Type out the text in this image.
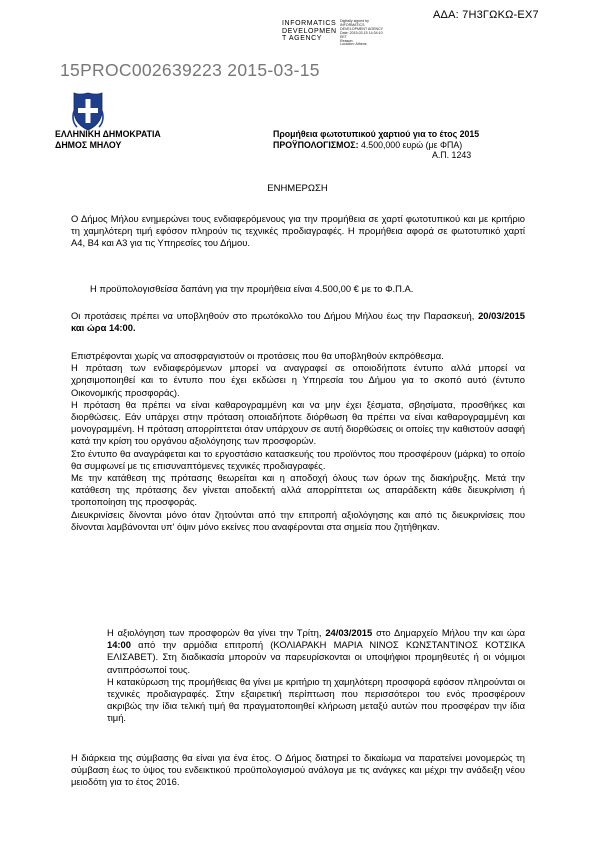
ΑΔΑ: 7Η3ΓΩΚΩ-ΕΧ7
INFORMATICS
DEVELOPMEN
T AGENCY
Digitally signed by
INFORMATICS
DEVELOPMENT AGENCY
Date: 2015.03.15 14:34:10
EET
Reason:
Location: Athens
15PROC002639223 2015-03-15
ΕΛΛΗΝΙΚΗ ΔΗΜΟΚΡΑΤΙΑ
ΔΗΜΟΣ ΜΗΛΟΥ
Προμήθεια φωτοτυπικού χαρτιού για το έτος 2015
ΠΡΟΫΠΟΛΟΓΙΣΜΟΣ: 4.500,000 ευρώ (με ΦΠΑ)
Α.Π. 1243
ΕΝΗΜΕΡΩΣΗ
Ο Δήμος Μήλου ενημερώνει τους ενδιαφερόμενους για την προμήθεια σε χαρτί φωτοτυπικού και με κριτήριο τη χαμηλότερη τιμή εφόσον πληρούν τις τεχνικές προδιαγραφές. Η προμήθεια αφορά σε φωτοτυπικό χαρτί Α4, Β4 και Α3 για τις Υπηρεσίες του Δήμου.
Η προϋπολογισθείσα δαπάνη για την προμήθεια είναι 4.500,00 € με το Φ.Π.Α.
Οι προτάσεις πρέπει να υποβληθούν στο πρωτόκολλο του Δήμου Μήλου έως την Παρασκευή, 20/03/2015 και ώρα 14:00.
Επιστρέφονται χωρίς να αποσφραγιστούν οι προτάσεις που θα υποβληθούν εκπρόθεσμα.
Η πρόταση των ενδιαφερόμενων μπορεί να αναγραφεί σε οποιοδήποτε έντυπο αλλά μπορεί να χρησιμοποιηθεί και το έντυπο που έχει εκδώσει η Υπηρεσία του Δήμου για το σκοπό αυτό (έντυπο Οικονομικής προσφοράς).
Η πρόταση θα πρέπει να είναι καθαρογραμμένη και να μην έχει ξέσματα, σβησίματα, προσθήκες και διορθώσεις. Εάν υπάρχει στην πρόταση οποιαδήποτε διόρθωση θα πρέπει να είναι καθαρογραμμένη και μονογραμμένη. Η πρόταση απορρίπτεται όταν υπάρχουν σε αυτή διορθώσεις οι οποίες την καθιστούν ασαφή κατά την κρίση του οργάνου αξιολόγησης των προσφορών.
Στο έντυπο θα αναγράφεται και το εργοστάσιο κατασκευής του προϊόντος που προσφέρουν (μάρκα) το οποίο θα συμφωνεί με τις επισυναπτόμενες τεχνικές προδιαγραφές.
Με την κατάθεση της πρότασης θεωρείται και η αποδοχή όλους των όρων της διακήρυξης. Μετά την κατάθεση της πρότασης δεν γίνεται αποδεκτή αλλά απορρίπτεται ως απαράδεκτη κάθε διευκρίνιση ή τροποποίηση της προσφοράς.
Διευκρινίσεις δίνονται μόνο όταν ζητούνται από την επιτροπή αξιολόγησης και από τις διευκρινίσεις που δίνονται λαμβάνονται υπ' όψιν μόνο εκείνες που αναφέρονται στα σημεία που ζητήθηκαν.
Η αξιολόγηση των προσφορών θα γίνει την Τρίτη, 24/03/2015 στο Δημαρχείο Μήλου την και ώρα 14:00 από την αρμόδια επιτροπή (ΚΟΛΙΑΡΑΚΗ ΜΑΡΙΑ ΝΙΝΟΣ ΚΩΝΣΤΑΝΤΙΝΟΣ ΚΟΤΣΙΚΑ ΕΛΙΣΑΒΕΤ). Στη διαδικασία μπορούν να παρευρίσκονται οι υποψήφιοι προμηθευτές ή οι νόμιμοι αντιπρόσωποί τους.
Η κατακύρωση της προμήθειας θα γίνει με κριτήριο τη χαμηλότερη προσφορά εφόσον πληρούνται οι τεχνικές προδιαγραφές. Στην εξαιρετική περίπτωση που περισσότεροι του ενός προσφέρουν ακριβώς την ίδια τελική τιμή θα πραγματοποιηθεί κλήρωση μεταξύ αυτών που προσφέραν την ίδια τιμή.
Η διάρκεια της σύμβασης θα είναι για ένα έτος. Ο Δήμος διατηρεί το δικαίωμα να παρατείνει μονομερώς τη σύμβαση έως το ύψος του ενδεικτικού προϋπολογισμού ανάλογα με τις ανάγκες και μέχρι την ανάδειξη νέου μειοδότη για το έτος 2016.
